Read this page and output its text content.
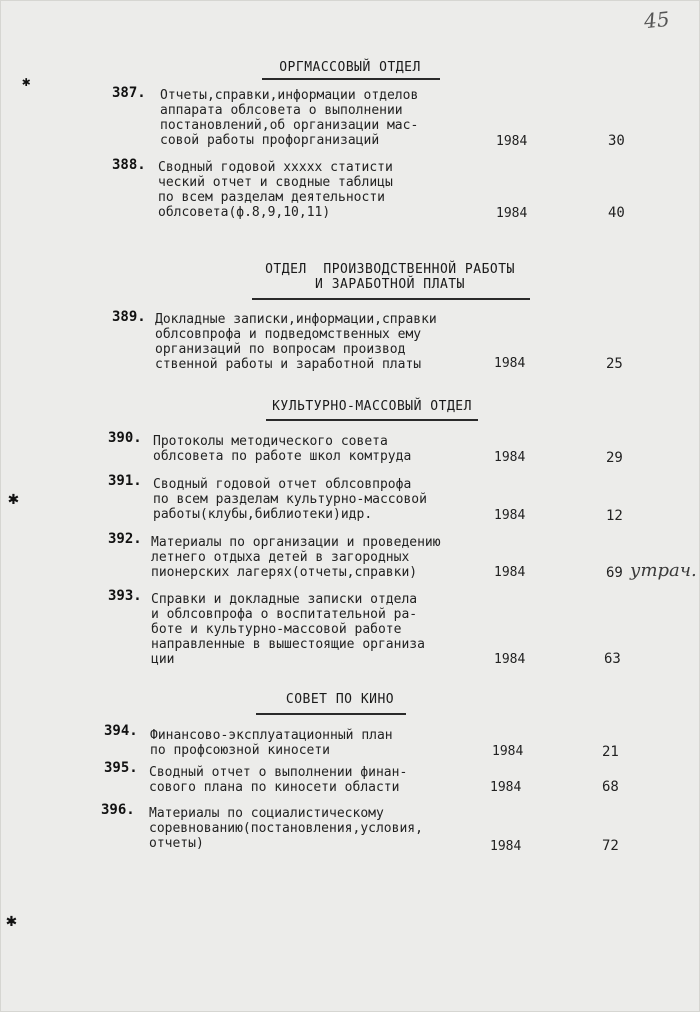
45
✱
✱
✱
ОРГМАССОВЫЙ ОТДЕЛ
387. Отчеты,справки,информации отделов
аппарата облсовета о выполнении
постановлений,об организации мас-
совой работы профорганизаций	1984	30
388. Сводный годовой xxxxx статисти
ческий отчет и сводные таблицы
по всем разделам деятельности
облсовета(ф.8,9,10,11)	1984	40
ОТДЕЛ  ПРОИЗВОДСТВЕННОЙ РАБОТЫ
И ЗАРАБОТНОЙ ПЛАТЫ
389. Докладные записки,информации,справки
облсовпрофа и подведомственных ему
организаций по вопросам производ
ственной работы и заработной платы	1984	25
КУЛЬТУРНО-МАССОВЫЙ ОТДЕЛ
390. Протоколы методического совета
облсовета по работе школ комтруда	1984	29
391. Сводный годовой отчет облсовпрофа
по всем разделам культурно-массовой
работы(клубы,библиотеки)идр.	1984	12
392. Материалы по организации и проведению
летнего отдыха детей в загородных
пионерских лагерях(отчеты,справки)	1984	69 утрач.
393. Справки и докладные записки отдела
и облсовпрофа о воспитательной ра-
боте и культурно-массовой работе
направленные в вышестоящие организа
ции	1984	63
СОВЕТ ПО КИНО
394. Финансово-эксплуатационный план
по профсоюзной киносети	1984	21
395. Сводный отчет о выполнении финан-
сового плана по киносети области	1984	68
396. Материалы по социалистическому
соревнованию(постановления,условия,
отчеты)	1984	72
